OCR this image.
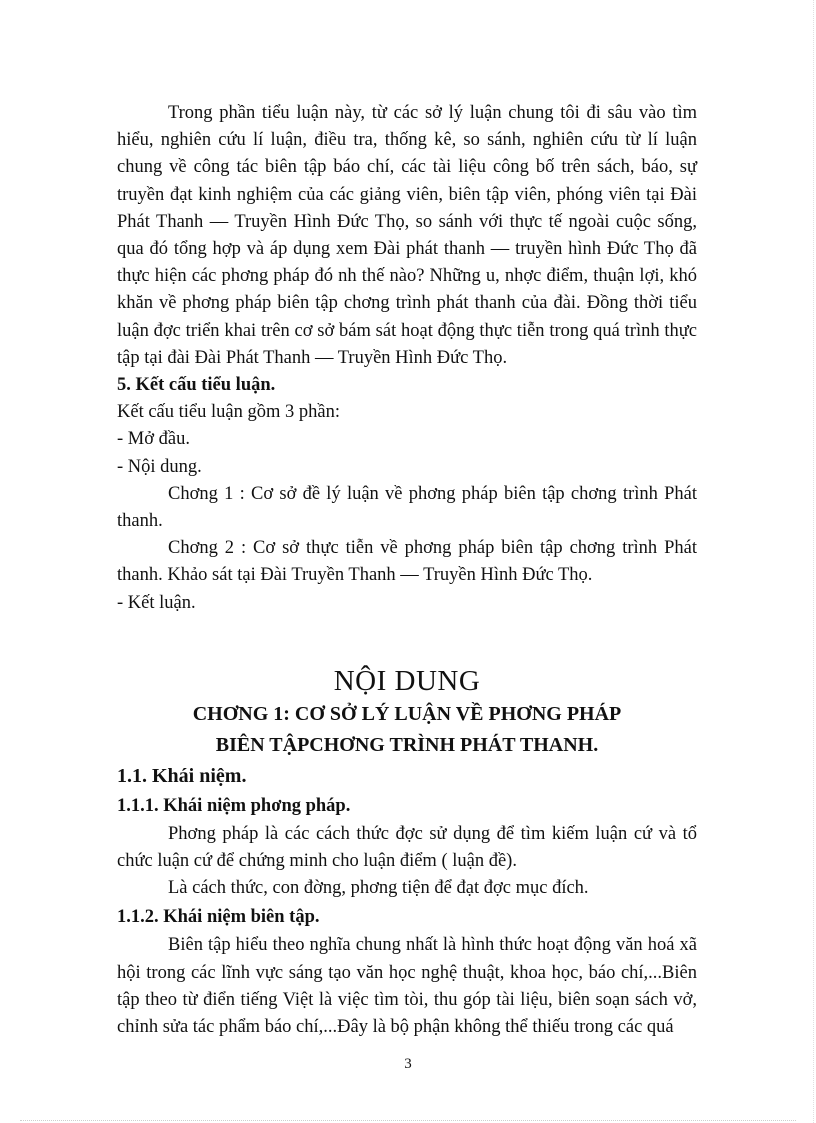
Trong phần tiểu luận này, từ các sở lý luận chung tôi đi sâu vào tìm hiểu, nghiên cứu lí luận, điều tra, thống kê, so sánh, nghiên cứu từ lí luận chung về công tác biên tập báo chí, các tài liệu công bố trên sách, báo, sự truyền đạt kinh nghiệm của các giảng viên, biên tập viên, phóng viên tại Đài Phát Thanh — Truyền Hình Đức Thọ, so sánh với thực tế ngoài cuộc sống, qua đó tổng hợp và áp dụng xem Đài phát thanh — truyền hình Đức Thọ đã thực hiện các phơng pháp đó nh thế nào? Những u, nhợc điểm, thuận lợi, khó khăn về phơng pháp biên tập chơng trình phát thanh của đài. Đồng thời tiểu luận đợc triển khai trên cơ sở bám sát hoạt động thực tiễn trong quá trình thực tập tại đài Đài Phát Thanh — Truyền Hình Đức Thọ.

5. Kết cấu tiểu luận.

Kết cấu tiểu luận gồm 3 phần:

- Mở đầu.

- Nội dung.

Chơng 1 : Cơ sở đề lý luận về phơng pháp biên tập chơng trình Phát thanh.

Chơng 2 : Cơ sở thực tiễn về phơng pháp biên tập chơng trình Phát thanh. Khảo sát tại Đài Truyền Thanh — Truyền Hình Đức Thọ.

- Kết luận.

NỘI DUNG

CHƠNG 1: CƠ SỞ LÝ LUẬN VỀ PHƠNG PHÁP

BIÊN TẬPCHƠNG TRÌNH PHÁT THANH.

1.1. Khái niệm.

1.1.1. Khái niệm phơng pháp.

Phơng pháp là các cách thức đợc sử dụng để tìm kiếm luận cứ và tổ chức luận cứ để chứng minh cho luận điểm ( luận đề).

Là cách thức, con đờng, phơng tiện để đạt đợc mục đích.

1.1.2. Khái niệm biên tập.

Biên tập hiểu theo nghĩa chung nhất là hình thức hoạt động văn hoá xã hội trong các lĩnh vực sáng tạo văn học nghệ thuật, khoa học, báo chí,...Biên tập theo từ điển tiếng Việt là việc tìm tòi, thu góp tài liệu, biên soạn sách vở, chỉnh sửa tác phẩm báo chí,...Đây là bộ phận không thể thiếu trong các quá

3
